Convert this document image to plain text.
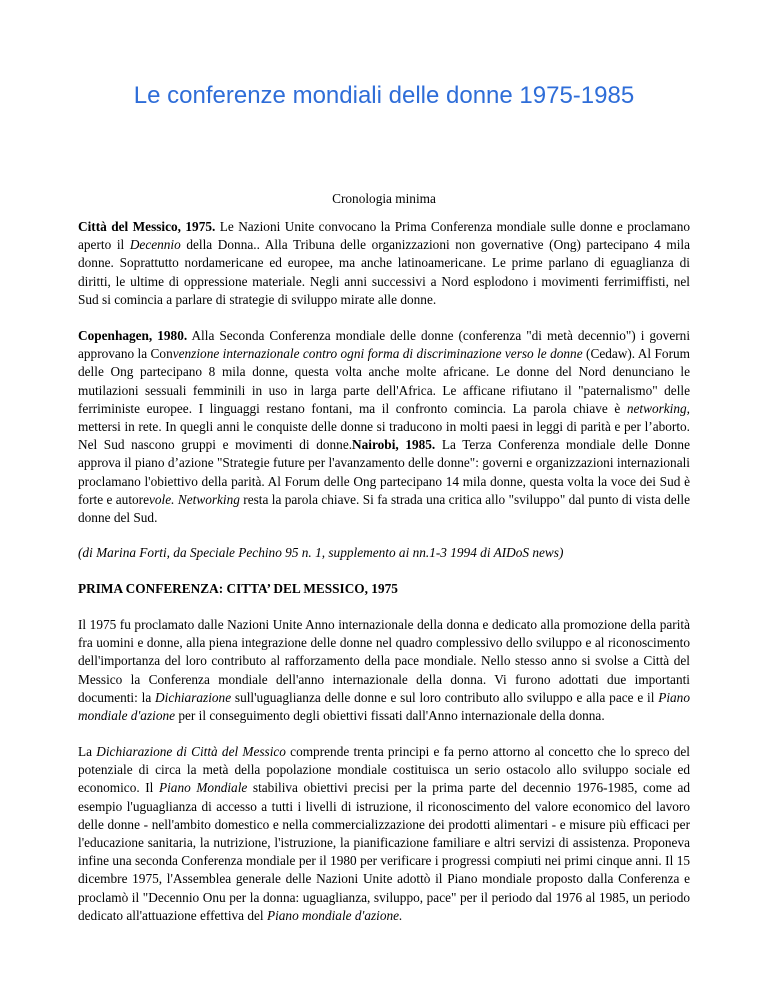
Le conferenze mondiali delle donne 1975-1985

Cronologia minima

Città del Messico, 1975. Le Nazioni Unite convocano la Prima Conferenza mondiale sulle donne e proclamano aperto il Decennio della Donna.. Alla Tribuna delle organizzazioni non governative (Ong) partecipano 4 mila donne. Soprattutto nordamericane ed europee, ma anche latinoamericane. Le prime parlano di eguaglianza di diritti, le ultime di oppressione materiale. Negli anni successivi a Nord esplodono i movimenti ferrimiffisti, nel Sud si comincia a parlare di strategie di sviluppo mirate alle donne.

Copenhagen, 1980. Alla Seconda Conferenza mondiale delle donne (conferenza "di metà decennio") i governi approvano la Convenzione internazionale contro ogni forma di discriminazione verso le donne (Cedaw). Al Forum delle Ong partecipano 8 mila donne, questa volta anche molte africane. Le donne del Nord denunciano le mutilazioni sessuali femminili in uso in larga parte dell'Africa. Le afficane rifiutano il "paternalismo" delle ferriministe europee. I linguaggi restano fontani, ma il confronto comincia. La parola chiave è networking, mettersi in rete. In quegli anni le conquiste delle donne si traducono in molti paesi in leggi di parità e per l’aborto. Nel Sud nascono gruppi e movimenti di donne.Nairobi, 1985. La Terza Conferenza mondiale delle Donne approva il piano d’azione "Strategie future per l'avanzamento delle donne": governi e organizzazioni internazionali proclamano l'obiettivo della parità. Al Forum delle Ong partecipano 14 mila donne, questa volta la voce dei Sud è forte e autorevole. Networking resta la parola chiave. Si fa strada una critica allo "sviluppo" dal punto di vista delle donne del Sud.

(di Marina Forti, da Speciale Pechino 95 n. 1, supplemento ai nn.1-3 1994 di AIDoS news)

PRIMA CONFERENZA: CITTA’ DEL MESSICO, 1975

Il 1975 fu proclamato dalle Nazioni Unite Anno internazionale della donna e dedicato alla promozione della parità fra uomini e donne, alla piena integrazione delle donne nel quadro complessivo dello sviluppo e al riconoscimento dell'importanza del loro contributo al rafforzamento della pace mondiale. Nello stesso anno si svolse a Città del Messico la Conferenza mondiale dell'anno internazionale della donna. Vi furono adottati due importanti documenti: la Dichiarazione sull'uguaglianza delle donne e sul loro contributo allo sviluppo e alla pace e il Piano mondiale d'azione per il conseguimento degli obiettivi fissati dall'Anno internazionale della donna.

La Dichiarazione di Città del Messico comprende trenta principi e fa perno attorno al concetto che lo spreco del potenziale di circa la metà della popolazione mondiale costituisca un serio ostacolo allo sviluppo sociale ed economico. Il Piano Mondiale stabiliva obiettivi precisi per la prima parte del decennio 1976-1985, come ad esempio l'uguaglianza di accesso a tutti i livelli di istruzione, il riconoscimento del valore economico del lavoro delle donne - nell'ambito domestico e nella commercializzazione dei prodotti alimentari - e misure più efficaci per l'educazione sanitaria, la nutrizione, l'istruzione, la pianificazione familiare e altri servizi di assistenza. Proponeva infine una seconda Conferenza mondiale per il 1980 per verificare i progressi compiuti nei primi cinque anni. Il 15 dicembre 1975, l'Assemblea generale delle Nazioni Unite adottò il Piano mondiale proposto dalla Conferenza e proclamò il "Decennio Onu per la donna: uguaglianza, sviluppo, pace" per il periodo dal 1976 al 1985, un periodo dedicato all'attuazione effettiva del Piano mondiale d'azione.
